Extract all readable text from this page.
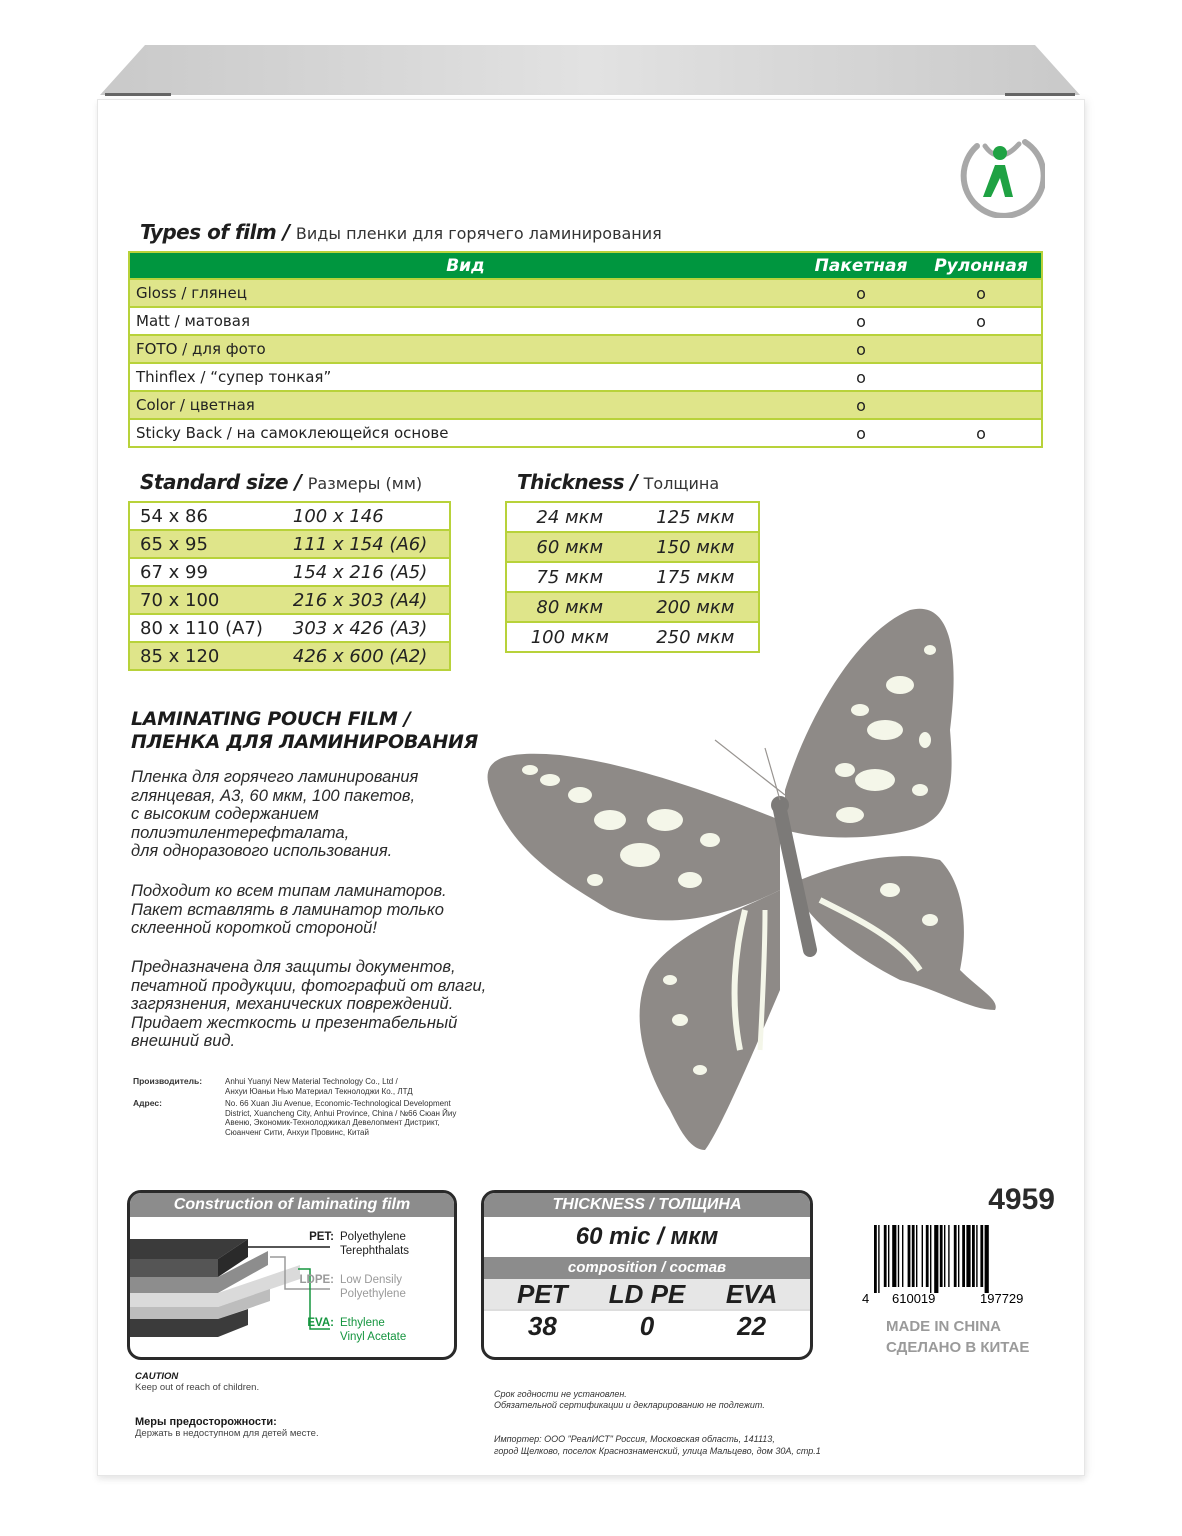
Types of film / Виды пленки для горячего ламинирования
Вид	Пакетная	Рулонная
Gloss / глянец	o	o
Matt / матовая	o	o
FOTO / для фото	o	
Thinflex / “супер тонкая”	o	
Color / цветная	o	
Sticky Back / на самоклеющейся основе	o	o
Standard size / Размеры (мм)
54 x 86	100 x 146
65 x 95	111 x 154 (A6)
67 x 99	154 x 216 (A5)
70 x 100	216 x 303 (A4)
80 x 110 (A7)	303 x 426 (A3)
85 x 120	426 x 600 (A2)
Thickness / Толщина
24 мкм	125 мкм
60 мкм	150 мкм
75 мкм	175 мкм
80 мкм	200 мкм
100 мкм	250 мкм
LAMINATING POUCH FILM /
ПЛЕНКА ДЛЯ ЛАМИНИРОВАНИЯ
Пленка для горячего ламинирования
глянцевая, А3, 60 мкм, 100 пакетов,
с высоким содержанием
полиэтилентерефталата,
для одноразового использования.
Подходит ко всем типам ламинаторов.
Пакет вставлять в ламинатор только
склеенной короткой стороной!
Предназначена для защиты документов,
печатной продукции, фотографий от влаги,
загрязнения, механических повреждений.
Придает жесткость и презентабельный
внешний вид.
Производитель:	Anhui Yuanyi New Material Technology Co., Ltd /
Анхуи Юаньи Нью Материал Текнолоджи Ко., ЛТД
Адрес:	No. 66 Xuan Jiu Avenue, Economic-Technological Development
District, Xuancheng City, Anhui Province, China / №66 Сюан Йиу
Авеню, Экономик-Технолоджикал Девелопмент Дистрикт,
Сюанченг Сити, Анхуи Провинс, Китай
Construction of laminating film
PET: Polyethylene
Terephthalats
LDPE: Low Densily
Polyethylene
EVA: Ethylene
Vinyl Acetate
THICKNESS / ТОЛЩИНА
60 mic / мкм
composition / состав
PET	LD PE	EVA
38	0	22
4959
4 610019	197729
MADE IN CHINA
СДЕЛАНО В КИТАЕ
CAUTION
Keep out of reach of children.
Меры предосторожности:
Держать в недоступном для детей месте.

Срок годности не установлен.
Обязательной сертификации и декларированию не подлежит.

Импортер: ООО "РеалИСТ" Россия, Московская область, 141113,
город Щелково, поселок Краснознаменский, улица Мальцево, дом 30А, стр.1
